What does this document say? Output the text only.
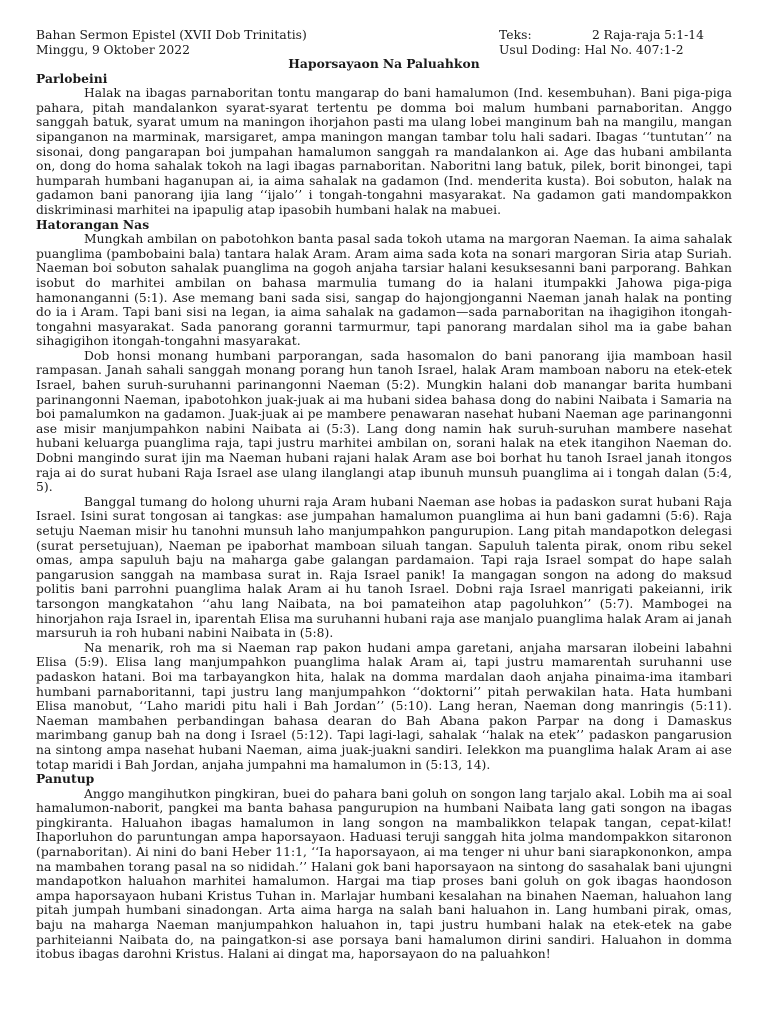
Bahan Sermon Epistel (XVII Dob Trinitatis)
Minggu, 9 Oktober 2022
Teks:
Usul Doding: Hal No. 407:1-2
2 Raja-raja 5:1-14
Haporsayaon Na Paluahkon
Parlobeini

Halak na ibagas parnaboritan tontu mangarap do bani hamalumon (Ind. kesembuhan). Bani piga-piga pahara, pitah mandalankon syarat-syarat tertentu pe domma boi malum humbani parnaboritan. Anggo sanggah batuk, syarat umum na maningon ihorjahon pasti ma ulang lobei manginum bah na mangilu, mangan sipanganon na marminak, marsigaret, ampa maningon mangan tambar tolu hali sadari. Ibagas ‘‘tuntutan’’ na sisonai, dong pangarapan boi jumpahan hamalumon sanggah ra mandalankon ai. Age das hubani ambilanta on, dong do homa sahalak tokoh na lagi ibagas parnaboritan. Naboritni lang batuk, pilek, borit binongei, tapi humparah humbani haganupan ai, ia aima sahalak na gadamon (Ind. menderita kusta). Boi sobuton, halak na gadamon bani panorang ijia lang ‘‘ijalo’’ i tongah-tongahni masyarakat. Na gadamon gati mandompakkon diskriminasi marhitei na ipapulig atap ipasobih humbani halak na mabuei.

Hatorangan Nas

Mungkah ambilan on pabotohkon banta pasal sada tokoh utama na margoran Naeman. Ia aima sahalak puanglima (pambobaini bala) tantara halak Aram. Aram aima sada kota na sonari margoran Siria atap Suriah. Naeman boi sobuton sahalak puanglima na gogoh anjaha tarsiar halani kesuksesanni bani parporang. Bahkan isobut do marhitei ambilan on bahasa marmulia tumang do ia halani itumpakki Jahowa piga-piga hamonanganni (5:1). Ase memang bani sada sisi, sangap do hajongjonganni Naeman janah halak na ponting do ia i Aram. Tapi bani sisi na legan, ia aima sahalak na gadamon—sada parnaboritan na ihagigihon itongah-tongahni masyarakat. Sada panorang goranni tarmurmur, tapi panorang mardalan sihol ma ia gabe bahan sihagigihon itongah-tongahni masyarakat.

Dob honsi monang humbani parporangan, sada hasomalon do bani panorang ijia mamboan hasil rampasan. Janah sahali sanggah monang porang hun tanoh Israel, halak Aram mamboan naboru na etek-etek Israel, bahen suruh-suruhanni parinangonni Naeman (5:2). Mungkin halani dob manangar barita humbani parinangonni Naeman, ipabotohkon juak-juak ai ma hubani sidea bahasa dong do nabini Naibata i Samaria na boi pamalumkon na gadamon. Juak-juak ai pe mambere penawaran nasehat hubani Naeman age parinangonni ase misir manjumpahkon nabini Naibata ai (5:3). Lang dong namin hak suruh-suruhan mambere nasehat hubani keluarga puanglima raja, tapi justru marhitei ambilan on, sorani halak na etek itangihon Naeman do. Dobni mangindo surat ijin ma Naeman hubani rajani halak Aram ase boi borhat hu tanoh Israel janah itongos raja ai do surat hubani Raja Israel ase ulang ilanglangi atap ibunuh munsuh puanglima ai i tongah dalan (5:4, 5).

Banggal tumang do holong uhurni raja Aram hubani Naeman ase hobas ia padaskon surat hubani Raja Israel. Isini surat tongosan ai tangkas: ase jumpahan hamalumon puanglima ai hun bani gadamni (5:6). Raja setuju Naeman misir hu tanohni munsuh laho manjumpahkon pangurupion. Lang pitah mandapotkon delegasi (surat persetujuan), Naeman pe ipaborhat mamboan siluah tangan. Sapuluh talenta pirak, onom ribu sekel omas, ampa sapuluh baju na maharga gabe galangan pardamaion. Tapi raja Israel sompat do hape salah pangarusion sanggah na mambasa surat in. Raja Israel panik! Ia mangagan songon na adong do maksud politis bani parrohni puanglima halak Aram ai hu tanoh Israel. Dobni raja Israel manrigati pakeianni, irik tarsongon mangkatahon ‘‘ahu lang Naibata, na boi pamateihon atap pagoluhkon’’ (5:7). Mambogei na hinorjahon raja Israel in, iparentah Elisa ma suruhanni hubani raja ase manjalo puanglima halak Aram ai janah marsuruh ia roh hubani nabini Naibata in (5:8).

Na menarik, roh ma si Naeman rap pakon hudani ampa garetani, anjaha marsaran ilobeini labahni Elisa (5:9). Elisa lang manjumpahkon puanglima halak Aram ai, tapi justru mamarentah suruhanni use padaskon hatani. Boi ma tarbayangkon hita, halak na domma mardalan daoh anjaha pinaima-ima itambari humbani parnaboritanni, tapi justru lang manjumpahkon ‘‘doktorni’’ pitah perwakilan hata. Hata humbani Elisa manobut, ‘‘Laho maridi pitu hali i Bah Jordan’’ (5:10). Lang heran, Naeman dong manringis (5:11). Naeman mambahen perbandingan bahasa dearan do Bah Abana pakon Parpar na dong i Damaskus marimbang ganup bah na dong i Israel (5:12). Tapi lagi-lagi, sahalak ‘‘halak na etek’’ padaskon pangarusion na sintong ampa nasehat hubani Naeman, aima juak-juakni sandiri. Ielekkon ma puanglima halak Aram ai ase totap maridi i Bah Jordan, anjaha jumpahni ma hamalumon in (5:13, 14).

Panutup

Anggo mangihutkon pingkiran, buei do pahara bani goluh on songon lang tarjalo akal. Lobih ma ai soal hamalumon-naborit, pangkei ma banta bahasa pangurupion na humbani Naibata lang gati songon na ibagas pingkiranta. Haluahon ibagas hamalumon in lang songon na mambalikkon telapak tangan, cepat-kilat! Ihaporluhon do paruntungan ampa haporsayaon. Haduasi teruji sanggah hita jolma mandompakkon sitaronon (parnaboritan). Ai nini do bani Heber 11:1, ‘‘Ia haporsayaon, ai ma tenger ni uhur bani siarapkononkon, ampa na mambahen torang pasal na so nididah.’’ Halani gok bani haporsayaon na sintong do sasahalak bani ujungni mandapotkon haluahon marhitei hamalumon. Hargai ma tiap proses bani goluh on gok ibagas haondoson ampa haporsayaon hubani Kristus Tuhan in. Marlajar humbani kesalahan na binahen Naeman, haluahon lang pitah jumpah humbani sinadongan. Arta aima harga na salah bani haluahon in. Lang humbani pirak, omas, baju na maharga Naeman manjumpahkon haluahon in, tapi justru humbani halak na etek-etek na gabe parhiteianni Naibata do, na paingatkon-si ase porsaya bani hamalumon dirini sandiri. Haluahon in domma itobus ibagas darohni Kristus. Halani ai dingat ma, haporsayaon do na paluahkon!
